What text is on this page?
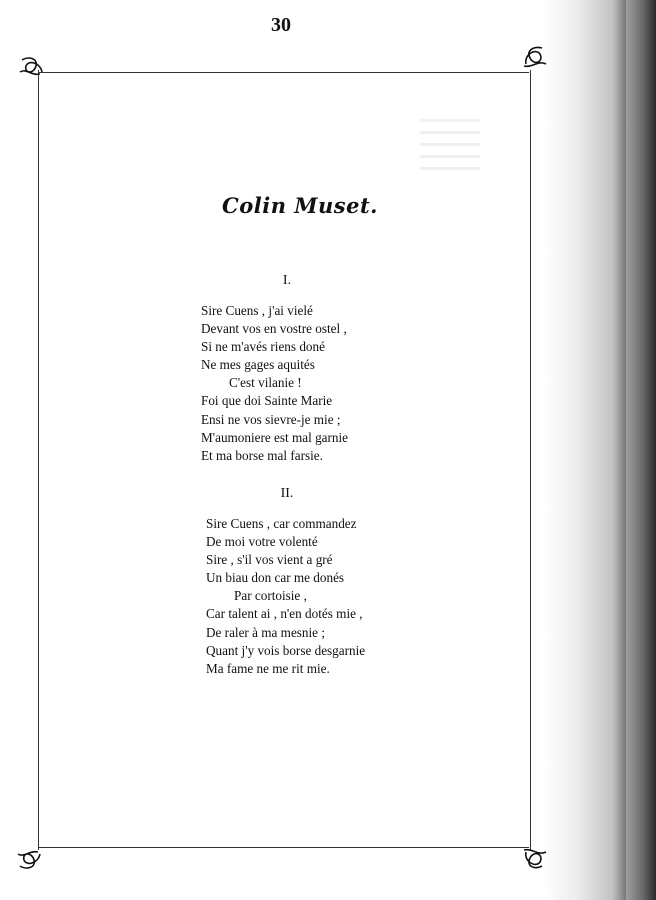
30
Colin Muset.
I.
Sire Cuens , j'ai vielé
Devant vos en vostre ostel ,
Si ne m'avés riens doné
Ne mes gages aquités
C'est vilanie !
Foi que doi Sainte Marie
Ensi ne vos sievre-je mie ;
M'aumoniere est mal garnie
Et ma borse mal farsie.
II.
Sire Cuens , car commandez
De moi votre volenté
Sire , s'il vos vient a gré
Un biau don car me donés
Par cortoisie ,
Car talent ai , n'en dotés mie ,
De raler à ma mesnie ;
Quant j'y vois borse desgarnie
Ma fame ne me rit mie.
